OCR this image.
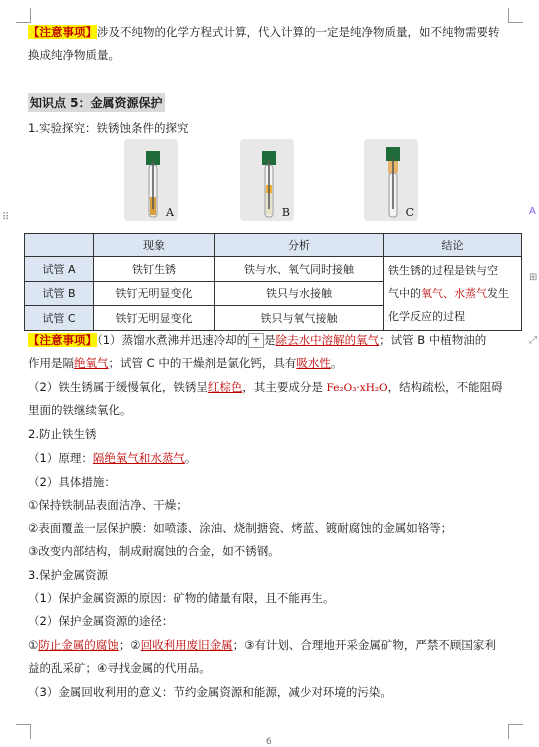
【注意事项】涉及不纯物的化学方程式计算，代入计算的一定是纯净物质量，如不纯物需要转
换成纯净物质量。
知识点 5：金属资源保护
1.实验探究：铁锈蚀条件的探究
A	B	C
	现象	分析	结论
试管 A	铁钉生锈	铁与水、氧气同时接触	铁生锈的过程是铁与空
气中的氧气、水蒸气发生
化学反应的过程
试管 B	铁钉无明显变化	铁只与水接触	
试管 C	铁钉无明显变化	铁只与氧气接触	
【注意事项】（1）蒸馏水煮沸并迅速冷却的 + 是除去水中溶解的氧气；试管 B 中植物油的
作用是隔绝氧气；试管 C 中的干燥剂是氯化钙，具有吸水性。
（2）铁生锈属于缓慢氧化，铁锈呈红棕色，其主要成分是 Fe₂O₃·xH₂O，结构疏松，不能阻碍
里面的铁继续氧化。
2.防止铁生锈
（1）原理：隔绝氧气和水蒸气。
（2）具体措施：
①保持铁制品表面洁净、干燥；
②表面覆盖一层保护膜：如喷漆、涂油、烧制搪瓷、烤蓝、镀耐腐蚀的金属如铬等；
③改变内部结构，制成耐腐蚀的合金，如不锈钢。
3.保护金属资源
（1）保护金属资源的原因：矿物的储量有限，且不能再生。
（2）保护金属资源的途径：
①防止金属的腐蚀；②回收利用废旧金属；③有计划、合理地开采金属矿物，严禁不顾国家利
益的乱采矿；④寻找金属的代用品。
（3）金属回收利用的意义：节约金属资源和能源，减少对环境的污染。
⠿
A
⊞
⤢
6
